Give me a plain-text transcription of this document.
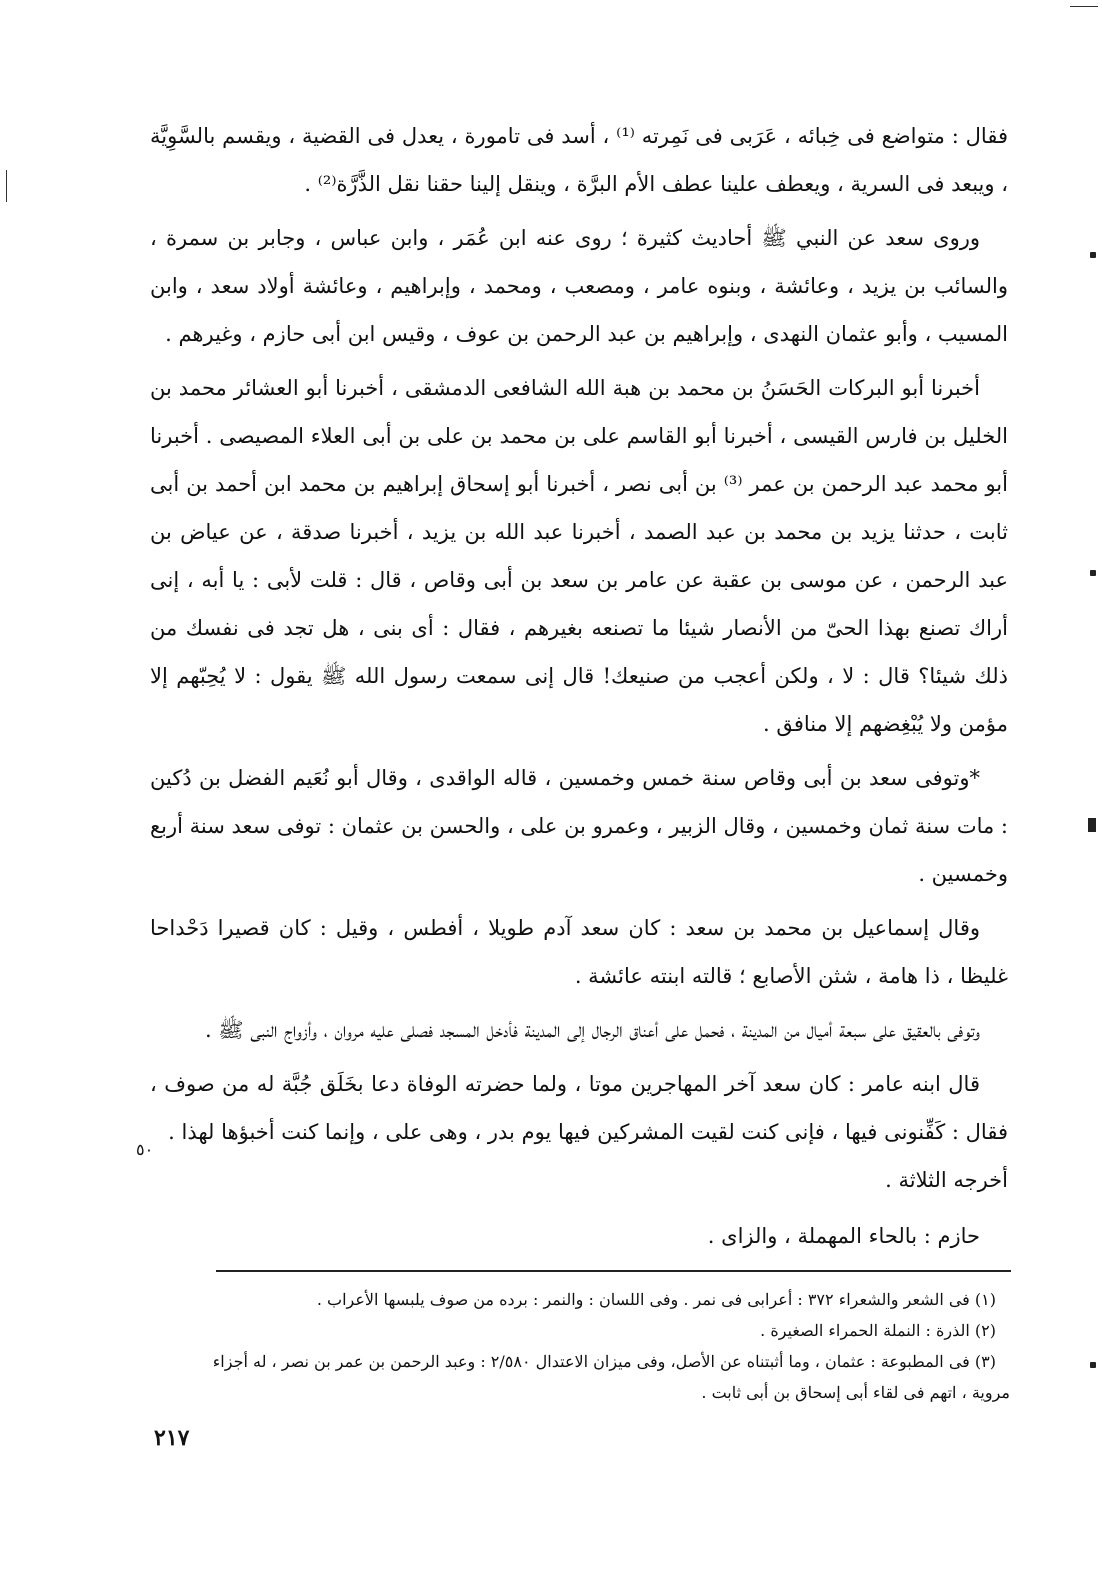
٥٠

فقال : متواضع فى خِبائه ، عَرَبى فى نَمِرته ⁽¹⁾ ، أسد فى تامورة ، يعدل فى القضية ، ويقسم بالسَّوِيَّة ، ويبعد فى السرية ، ويعطف علينا عطف الأم البرَّة ، وينقل إلينا حقنا نقل الذَّرَّة⁽²⁾ .

وروى سعد عن النبي ﷺ أحاديث كثيرة ؛ روى عنه ابن عُمَر ، وابن عباس ، وجابر بن سمرة ، والسائب بن يزيد ، وعائشة ، وبنوه عامر ، ومصعب ، ومحمد ، وإبراهيم ، وعائشة أولاد سعد ، وابن المسيب ، وأبو عثمان النهدى ، وإبراهيم بن عبد الرحمن بن عوف ، وقيس ابن أبى حازم ، وغيرهم .

أخبرنا أبو البركات الحَسَنُ بن محمد بن هبة الله الشافعى الدمشقى ، أخبرنا أبو العشائر محمد بن الخليل بن فارس القيسى ، أخبرنا أبو القاسم على بن محمد بن على بن أبى العلاء المصيصى . أخبرنا أبو محمد عبد الرحمن بن عمر ⁽³⁾ بن أبى نصر ، أخبرنا أبو إسحاق إبراهيم بن محمد ابن أحمد بن أبى ثابت ، حدثنا يزيد بن محمد بن عبد الصمد ، أخبرنا عبد الله بن يزيد ، أخبرنا صدقة ، عن عياض بن عبد الرحمن ، عن موسى بن عقبة عن عامر بن سعد بن أبى وقاص ، قال : قلت لأبى : يا أبه ، إنى أراك تصنع بهذا الحىّ من الأنصار شيئا ما تصنعه بغيرهم ، فقال : أى بنى ، هل تجد فى نفسك من ذلك شيئا؟ قال : لا ، ولكن أعجب من صنيعك! قال إنى سمعت رسول الله ﷺ يقول : لا يُحِبّهم إلا مؤمن ولا يُبْغِضهم إلا منافق .

*وتوفى سعد بن أبى وقاص سنة خمس وخمسين ، قاله الواقدى ، وقال أبو نُعَيم الفضل بن دُكين : مات سنة ثمان وخمسين ، وقال الزبير ، وعمرو بن على ، والحسن بن عثمان : توفى سعد سنة أربع وخمسين .

وقال إسماعيل بن محمد بن سعد : كان سعد آدم طويلا ، أفطس ، وقيل : كان قصيرا دَحْداحا غليظا ، ذا هامة ، شثن الأصابع ؛ قالته ابنته عائشة .

وتوفى بالعقيق على سبعة أميال من المدينة ، فحمل على أعناق الرجال إلى المدينة فأدخل المسجد فصلى عليه مروان ، وأزواج النبى ﷺ .

قال ابنه عامر : كان سعد آخر المهاجرين موتا ، ولما حضرته الوفاة دعا بخَلَق جُبَّة له من صوف ، فقال : كَفِّنونى فيها ، فإنى كنت لقيت المشركين فيها يوم بدر ، وهى على ، وإنما كنت أخبؤها لهذا .

أخرجه الثلاثة .

حازم : بالحاء المهملة ، والزاى .

(١) فى الشعر والشعراء ٣٧٢ : أعرابى فى نمر . وفى اللسان : والنمر : برده من صوف يلبسها الأعراب .

(٢) الذرة : النملة الحمراء الصغيرة .

(٣) فى المطبوعة : عثمان ، وما أثبتناه عن الأصل، وفى ميزان الاعتدال ٢/٥٨٠ : وعبد الرحمن بن عمر بن نصر ، له أجزاء

مروية ، اتهم فى لقاء أبى إسحاق بن أبى ثابت .

٢١٧
